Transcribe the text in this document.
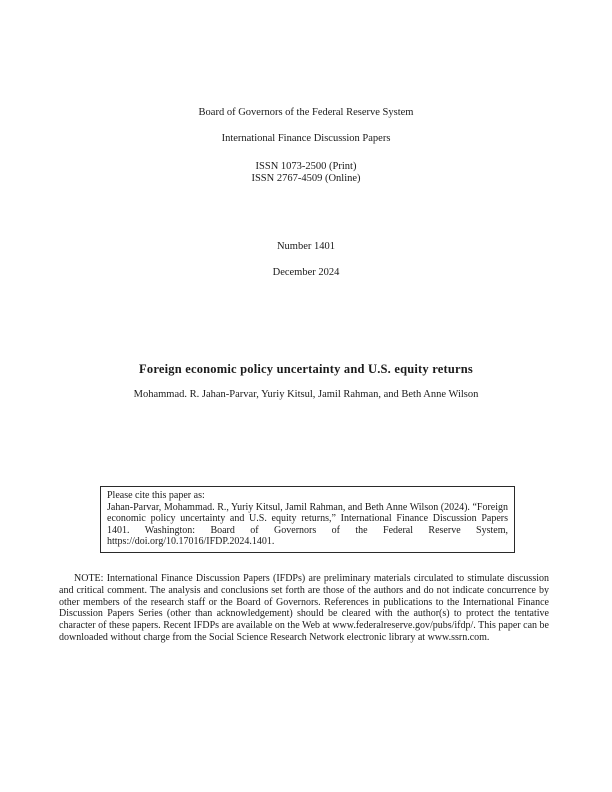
Board of Governors of the Federal Reserve System
International Finance Discussion Papers
ISSN 1073-2500 (Print)
ISSN 2767-4509 (Online)
Number 1401
December 2024
Foreign economic policy uncertainty and U.S. equity returns
Mohammad. R. Jahan-Parvar, Yuriy Kitsul, Jamil Rahman, and Beth Anne Wilson
Please cite this paper as:
Jahan-Parvar, Mohammad. R., Yuriy Kitsul, Jamil Rahman, and Beth Anne Wilson (2024). “Foreign economic policy uncertainty and U.S. equity returns,” International Finance Discussion Papers 1401. Washington: Board of Governors of the Federal Reserve System, https://doi.org/10.17016/IFDP.2024.1401.
NOTE: International Finance Discussion Papers (IFDPs) are preliminary materials circulated to stimulate discussion and critical comment. The analysis and conclusions set forth are those of the authors and do not indicate concurrence by other members of the research staff or the Board of Governors. References in publications to the International Finance Discussion Papers Series (other than acknowledgement) should be cleared with the author(s) to protect the tentative character of these papers. Recent IFDPs are available on the Web at www.federalreserve.gov/pubs/ifdp/. This paper can be downloaded without charge from the Social Science Research Network electronic library at www.ssrn.com.
